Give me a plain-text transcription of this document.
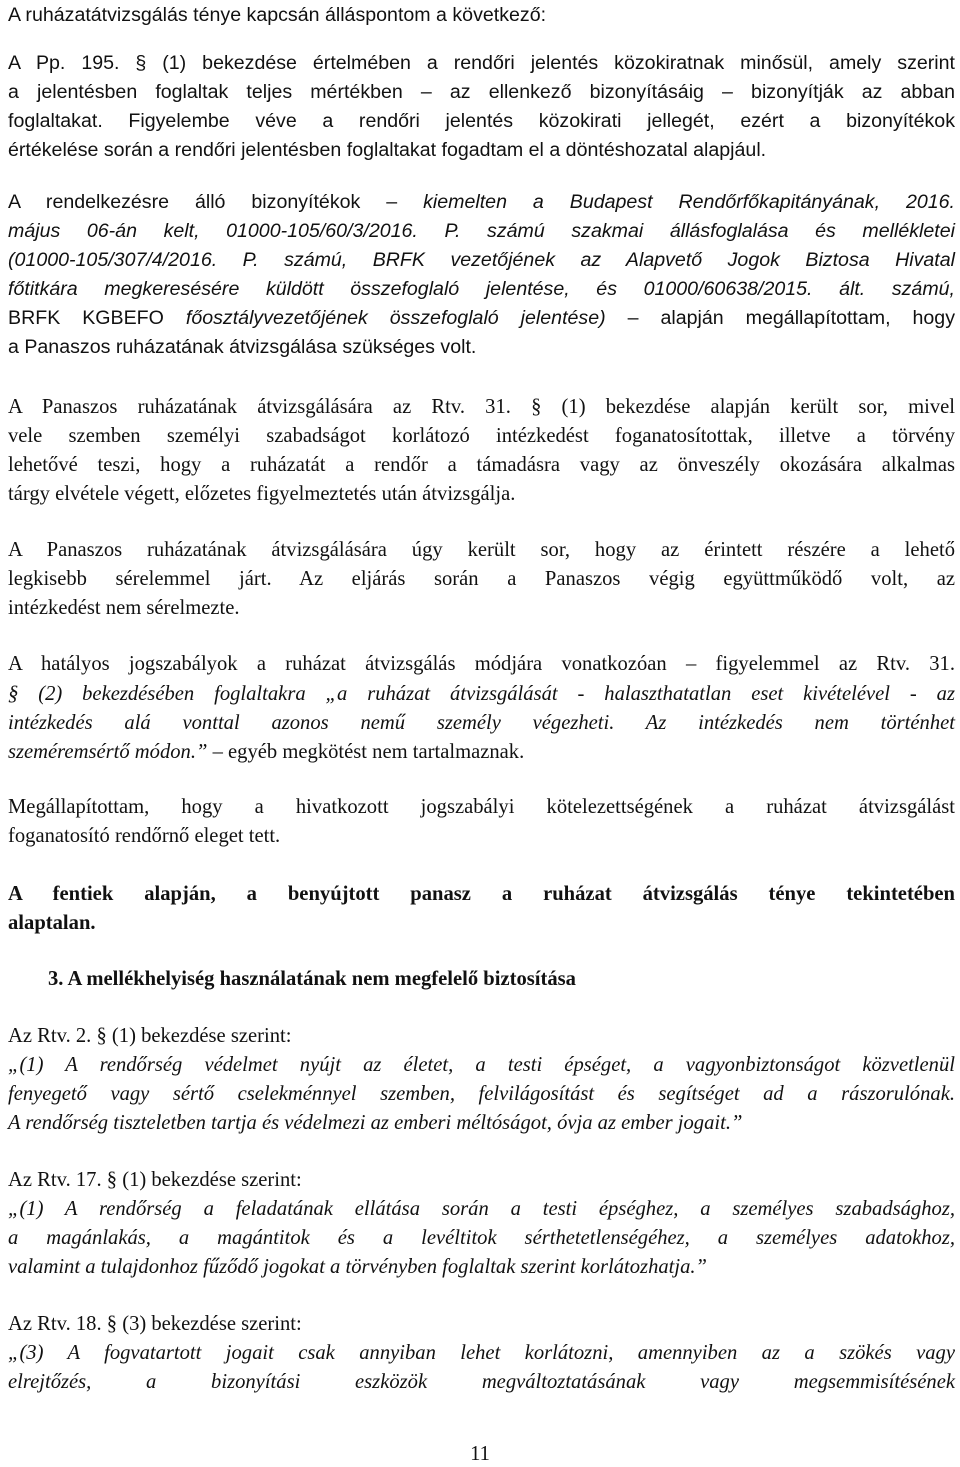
A ruházatátvizsgálás ténye kapcsán álláspontom a következő:
A Pp. 195. § (1) bekezdése értelmében a rendőri jelentés közokiratnak minősül, amely szerint
a jelentésben foglaltak teljes mértékben – az ellenkező bizonyításáig – bizonyítják az abban
foglaltakat. Figyelembe véve a rendőri jelentés közokirati jellegét, ezért a bizonyítékok
értékelése során a rendőri jelentésben foglaltakat fogadtam el a döntéshozatal alapjául.
A rendelkezésre álló bizonyítékok – kiemelten a Budapest Rendőrfőkapitányának, 2016.
május 06-án kelt, 01000-105/60/3/2016. P. számú szakmai állásfoglalása és mellékletei
(01000-105/307/4/2016. P. számú, BRFK vezetőjének az Alapvető Jogok Biztosa Hivatal
főtitkára megkeresésére küldött összefoglaló jelentése, és 01000/60638/2015. ált. számú,
BRFK KGBEFO főosztályvezetőjének összefoglaló jelentése) – alapján megállapítottam, hogy
a Panaszos ruházatának átvizsgálása szükséges volt.
A Panaszos ruházatának átvizsgálására az Rtv. 31. § (1) bekezdése alapján került sor, mivel
vele szemben személyi szabadságot korlátozó intézkedést foganatosítottak, illetve a törvény
lehetővé teszi, hogy a ruházatát a rendőr a támadásra vagy az önveszély okozására alkalmas
tárgy elvétele végett, előzetes figyelmeztetés után átvizsgálja.
A Panaszos ruházatának átvizsgálására úgy került sor, hogy az érintett részére a lehető
legkisebb sérelemmel járt. Az eljárás során a Panaszos végig együttműködő volt, az
intézkedést nem sérelmezte.
A hatályos jogszabályok a ruházat átvizsgálás módjára vonatkozóan – figyelemmel az Rtv. 31.
§ (2) bekezdésében foglaltakra „a ruházat átvizsgálását - halaszthatatlan eset kivételével - az
intézkedés alá vonttal azonos nemű személy végezheti. Az intézkedés nem történhet
szeméremsértő módon.” – egyéb megkötést nem tartalmaznak.
Megállapítottam, hogy a hivatkozott jogszabályi kötelezettségének a ruházat átvizsgálást
foganatosító rendőrnő eleget tett.
A fentiek alapján, a benyújtott panasz a ruházat átvizsgálás ténye tekintetében
alaptalan.
3. A mellékhelyiség használatának nem megfelelő biztosítása
Az Rtv. 2. § (1) bekezdése szerint:
„(1) A rendőrség védelmet nyújt az életet, a testi épséget, a vagyonbiztonságot közvetlenül
fenyegető vagy sértő cselekménnyel szemben, felvilágosítást és segítséget ad a rászorulónak.
A rendőrség tiszteletben tartja és védelmezi az emberi méltóságot, óvja az ember jogait.”
Az Rtv. 17. § (1) bekezdése szerint:
„(1) A rendőrség a feladatának ellátása során a testi épséghez, a személyes szabadsághoz,
a magánlakás, a magántitok és a levéltitok sérthetetlenségéhez, a személyes adatokhoz,
valamint a tulajdonhoz fűződő jogokat a törvényben foglaltak szerint korlátozhatja.”
Az Rtv. 18. § (3) bekezdése szerint:
„(3) A fogvatartott jogait csak annyiban lehet korlátozni, amennyiben az a szökés vagy
elrejtőzés, a bizonyítási eszközök megváltoztatásának vagy megsemmisítésének
11
